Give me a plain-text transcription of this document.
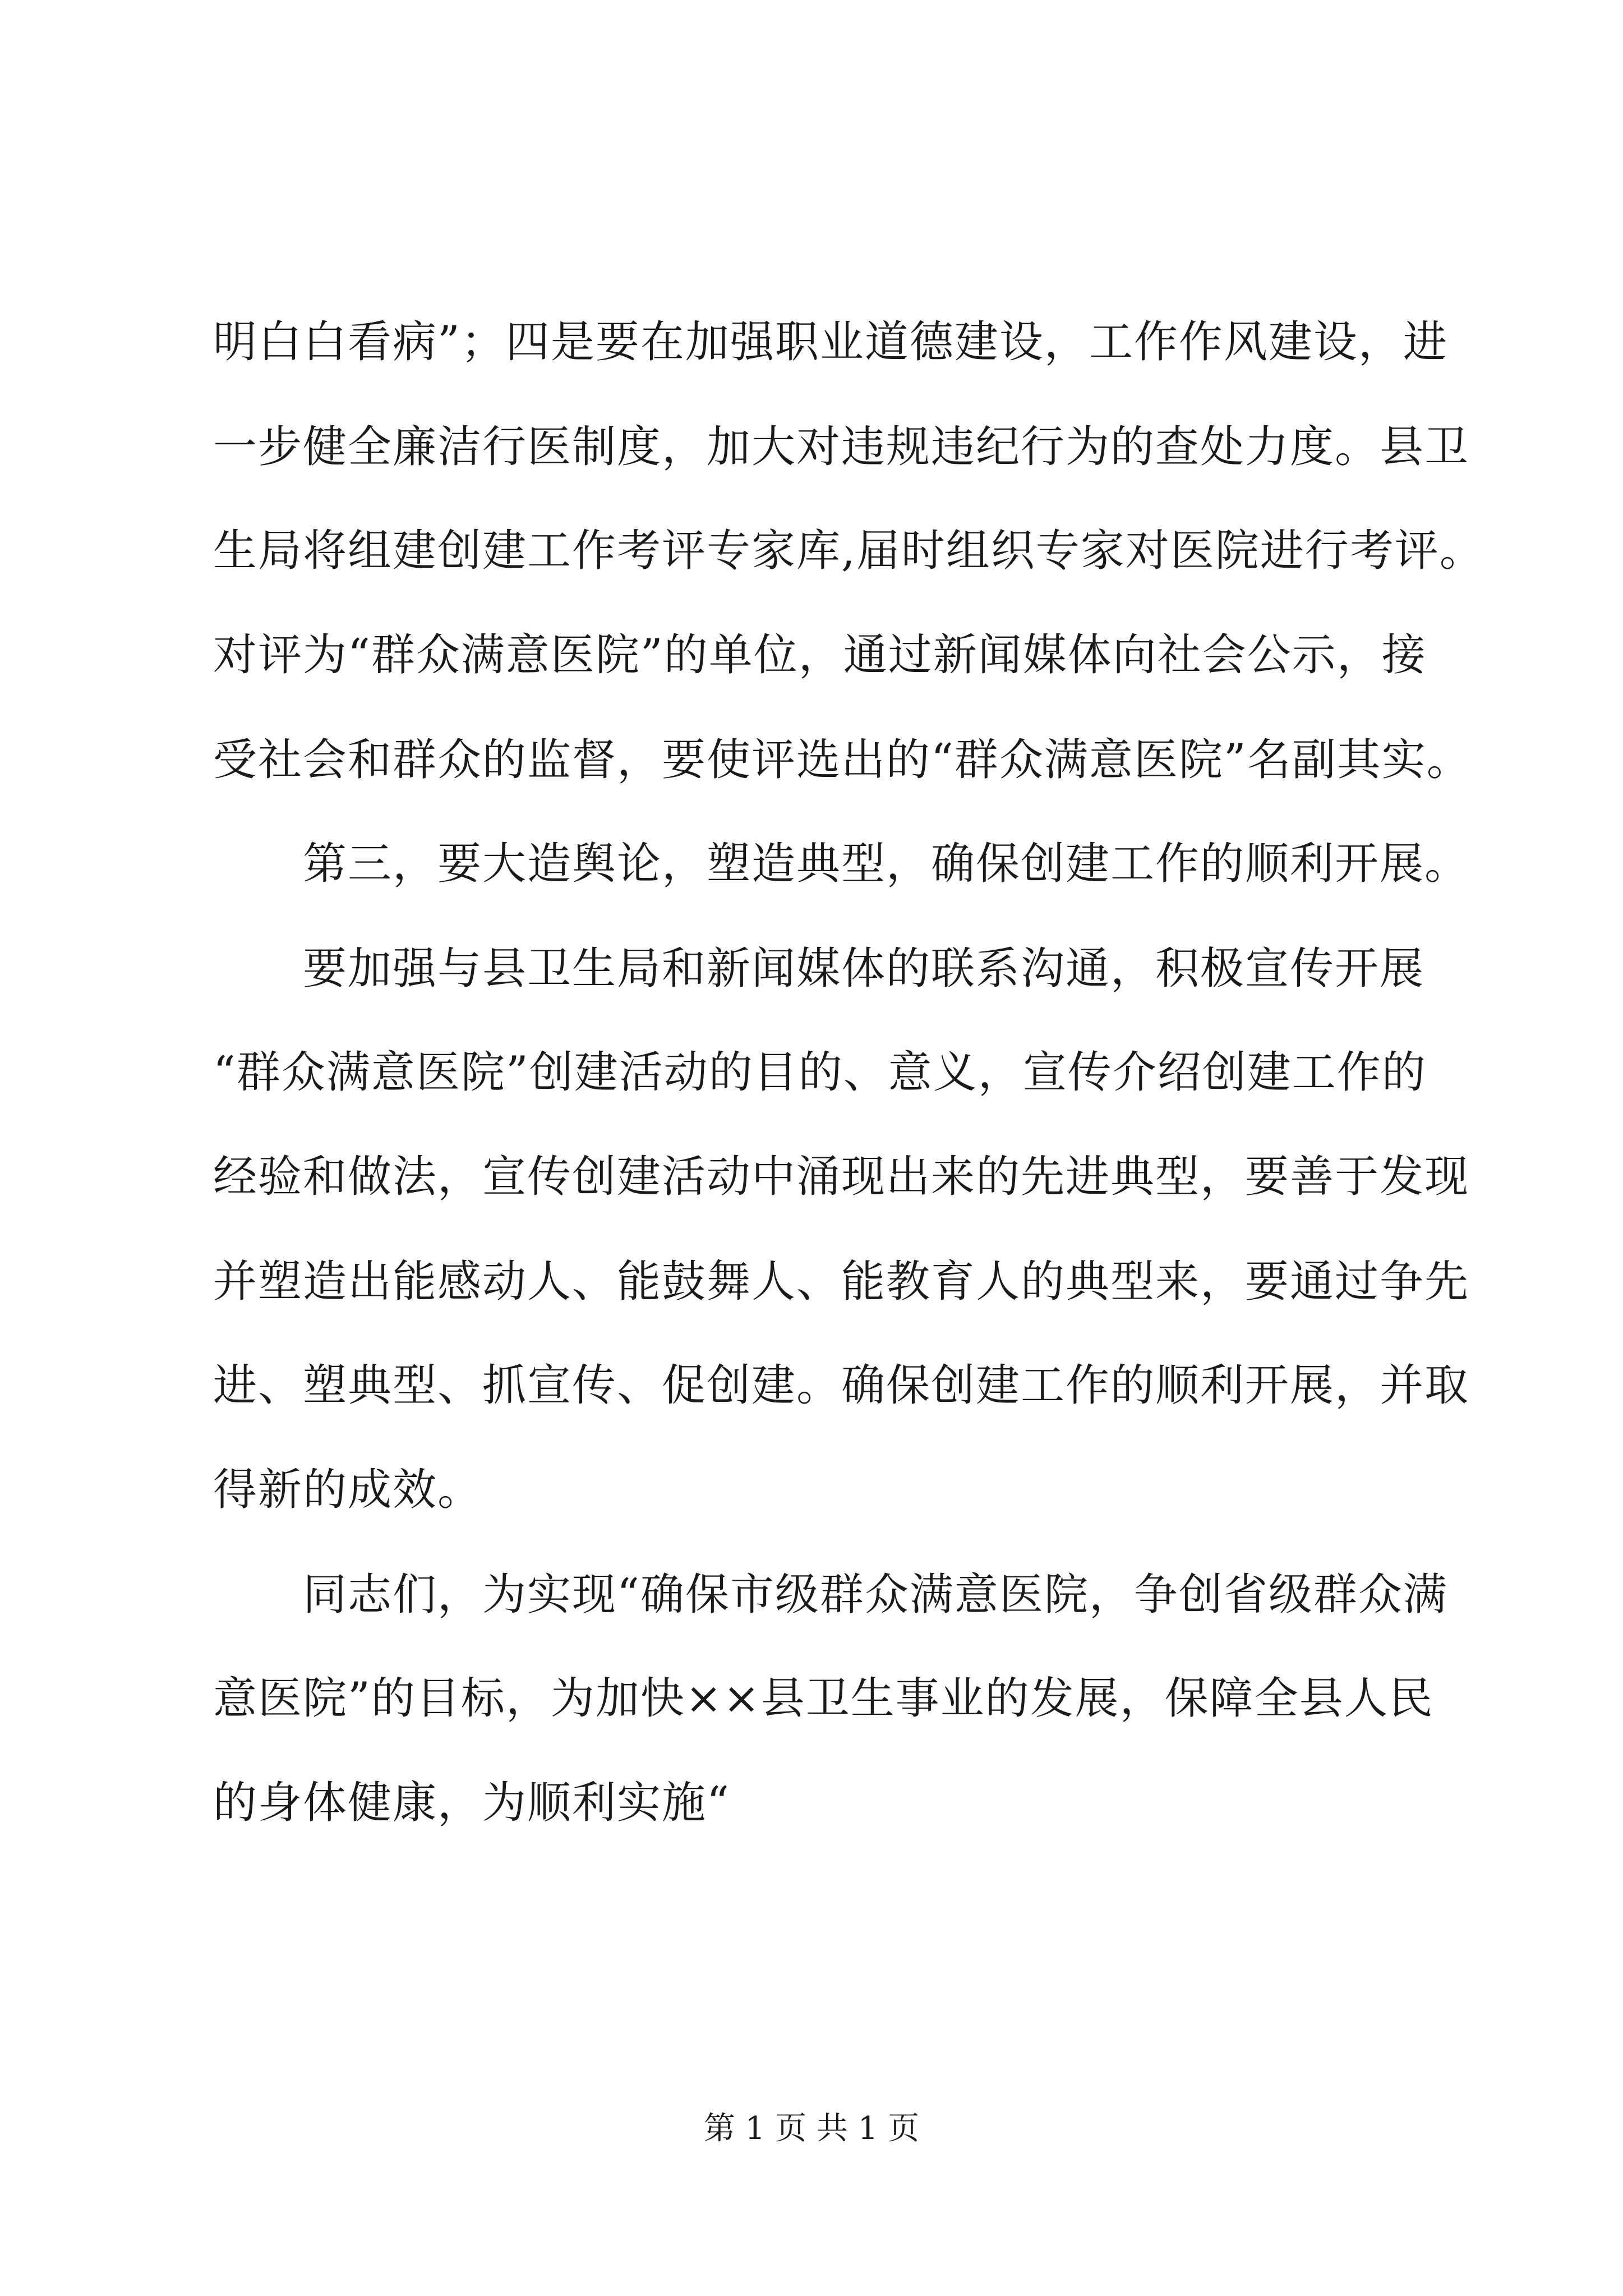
明白白看病”；四是要在加强职业道德建设，工作作风建设，进
一步健全廉洁行医制度，加大对违规违纪行为的查处力度。县卫
生局将组建创建工作考评专家库,届时组织专家对医院进行考评。
对评为“群众满意医院”的单位，通过新闻媒体向社会公示，接
受社会和群众的监督，要使评选出的“群众满意医院”名副其实。
第三，要大造舆论，塑造典型，确保创建工作的顺利开展。
要加强与县卫生局和新闻媒体的联系沟通，积极宣传开展
“群众满意医院”创建活动的目的、意义，宣传介绍创建工作的
经验和做法，宣传创建活动中涌现出来的先进典型，要善于发现
并塑造出能感动人、能鼓舞人、能教育人的典型来，要通过争先
进、塑典型、抓宣传、促创建。确保创建工作的顺利开展，并取
得新的成效。
同志们，为实现“确保市级群众满意医院，争创省级群众满
意医院”的目标，为加快××县卫生事业的发展，保障全县人民
的身体健康，为顺利实施“
第 1 页 共 1 页
